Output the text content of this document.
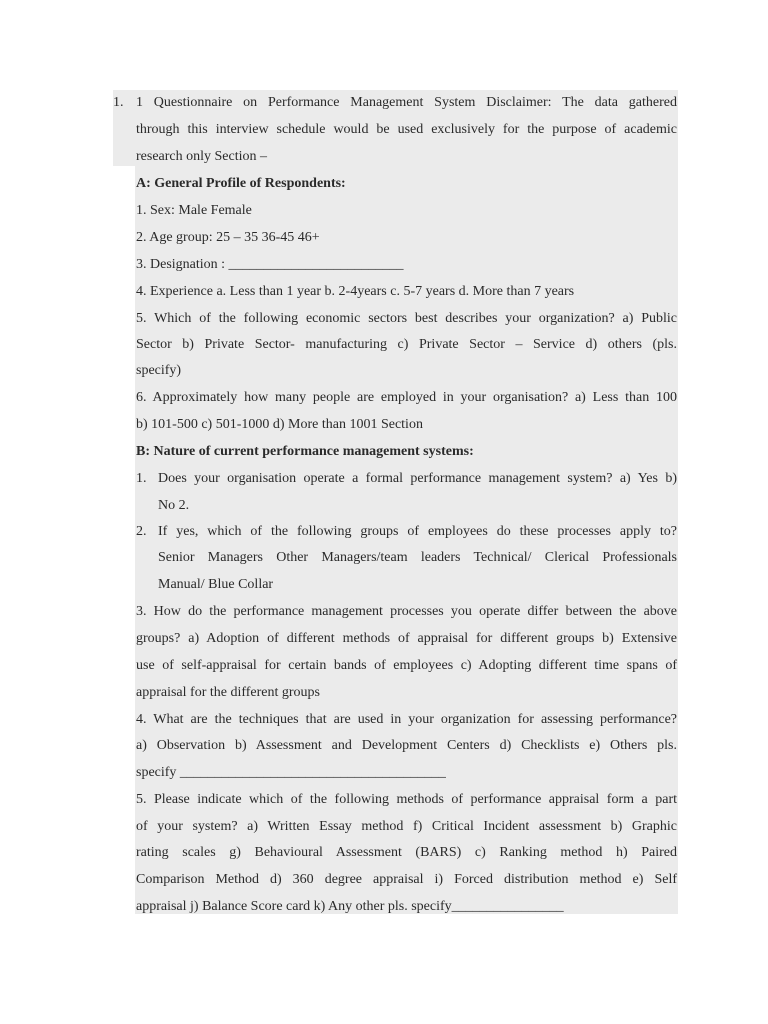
1. 1 Questionnaire on Performance Management System Disclaimer: The data gathered
through this interview schedule would be used exclusively for the purpose of academic
research only Section –
A: General Profile of Respondents:
1. Sex: Male Female
2. Age group: 25 – 35 36-45 46+
3. Designation : _________________________
4. Experience a. Less than 1 year b. 2-4years c. 5-7 years d. More than 7 years
5. Which of the following economic sectors best describes your organization? a) Public
Sector b) Private Sector- manufacturing c) Private Sector – Service d) others (pls.
specify)
6. Approximately how many people are employed in your organisation? a) Less than 100
b) 101-500 c) 501-1000 d) More than 1001 Section
B: Nature of current performance management systems:
1. Does your organisation operate a formal performance management system? a) Yes b)
No 2.
2. If yes, which of the following groups of employees do these processes apply to?
Senior Managers Other Managers/team leaders Technical/ Clerical Professionals
Manual/ Blue Collar
3. How do the performance management processes you operate differ between the above
groups? a) Adoption of different methods of appraisal for different groups b) Extensive
use of self-appraisal for certain bands of employees c) Adopting different time spans of
appraisal for the different groups
4. What are the techniques that are used in your organization for assessing performance?
a) Observation b) Assessment and Development Centers d) Checklists e) Others pls.
specify ______________________________________
5. Please indicate which of the following methods of performance appraisal form a part
of your system? a) Written Essay method f) Critical Incident assessment b) Graphic
rating scales g) Behavioural Assessment (BARS) c) Ranking method h) Paired
Comparison Method d) 360 degree appraisal i) Forced distribution method e) Self
appraisal j) Balance Score card k) Any other pls. specify________________
